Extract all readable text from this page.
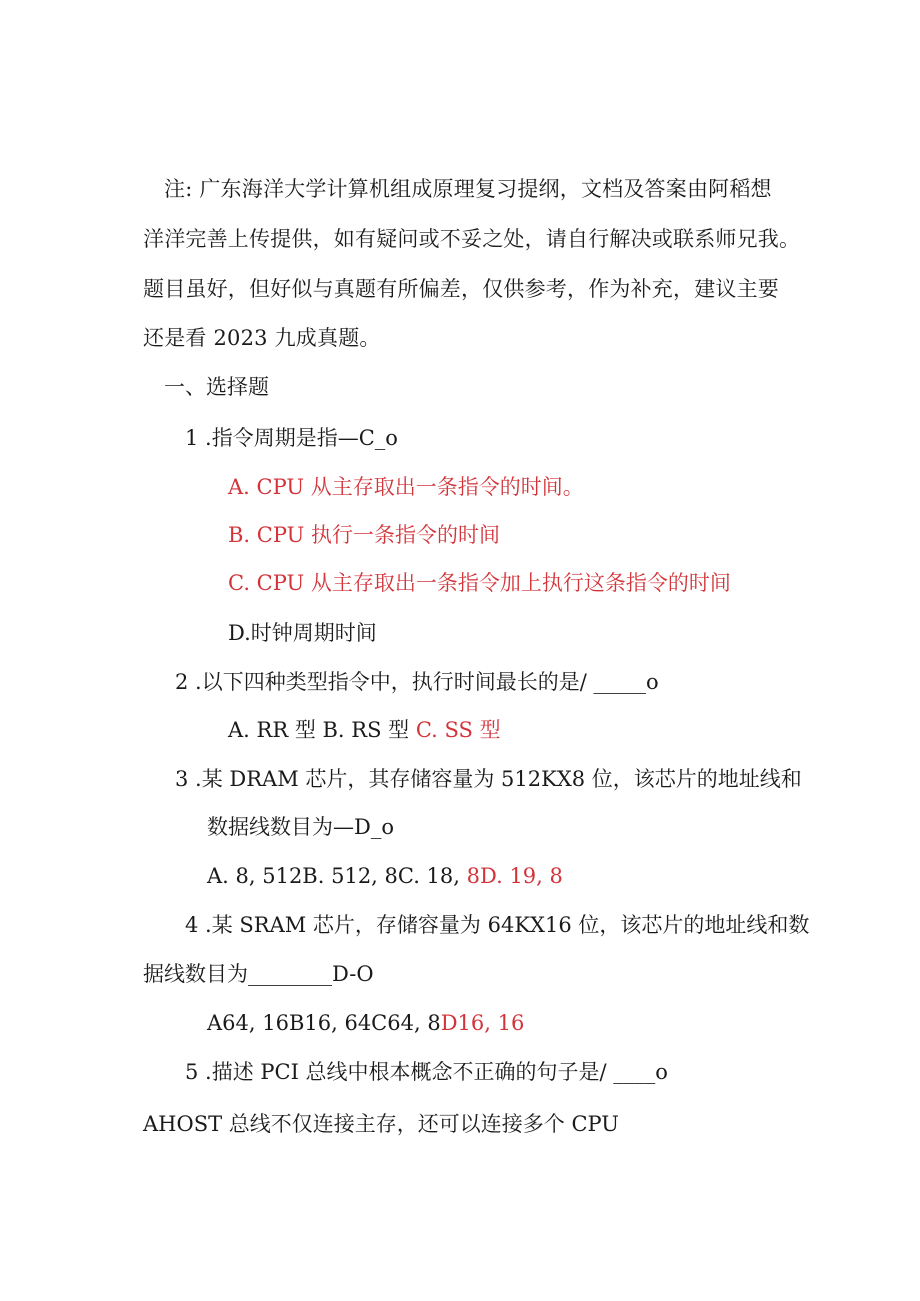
注: 广东海洋大学计算机组成原理复习提纲，文档及答案由阿稻想
洋洋完善上传提供，如有疑问或不妥之处，请自行解决或联系师兄我。
题目虽好，但好似与真题有所偏差，仅供参考，作为补充，建议主要
还是看 2023 九成真题。
一、选择题
1 .指令周期是指—C_o
A. CPU 从主存取出一条指令的时间。
B. CPU 执行一条指令的时间
C. CPU 从主存取出一条指令加上执行这条指令的时间
D.时钟周期时间
2 .以下四种类型指令中，执行时间最长的是/ _____o
A. RR 型 B. RS 型 C. SS 型
3 .某 DRAM 芯片，其存储容量为 512KX8 位，该芯片的地址线和
数据线数目为—D_o
A. 8, 512B. 512, 8C. 18, 8D. 19, 8
4 .某 SRAM 芯片，存储容量为 64KX16 位，该芯片的地址线和数
据线数目为________D-O
A64, 16B16, 64C64, 8D16, 16
5 .描述 PCI 总线中根本概念不正确的句子是/ ____o
AHOST 总线不仅连接主存，还可以连接多个 CPU
